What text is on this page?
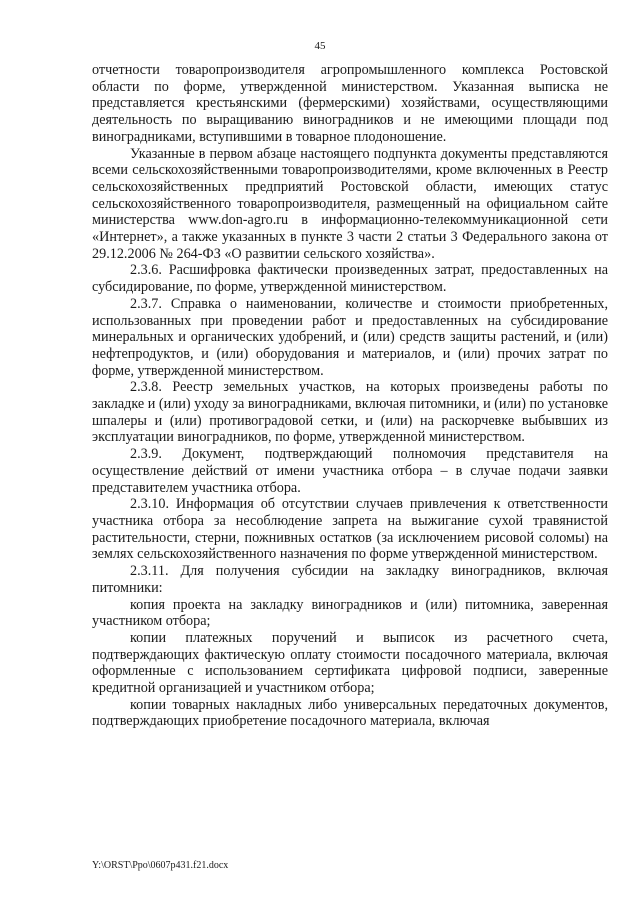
45

отчетности товаропроизводителя агропромышленного комплекса Ростовской области по форме, утвержденной министерством. Указанная выписка не представляется крестьянскими (фермерскими) хозяйствами, осуществляющими деятельность по выращиванию виноградников и не имеющими площади под виноградниками, вступившими в товарное плодоношение.

Указанные в первом абзаце настоящего подпункта документы представляются всеми сельскохозяйственными товаропроизводителями, кроме включенных в Реестр сельскохозяйственных предприятий Ростовской области, имеющих статус сельскохозяйственного товаропроизводителя, размещенный на официальном сайте министерства www.don-agro.ru в информационно-телекоммуникационной сети «Интернет», а также указанных в пункте 3 части 2 статьи 3 Федерального закона от 29.12.2006 № 264-ФЗ «О развитии сельского хозяйства».

2.3.6. Расшифровка фактически произведенных затрат, предоставленных на субсидирование, по форме, утвержденной министерством.

2.3.7. Справка о наименовании, количестве и стоимости приобретенных, использованных при проведении работ и предоставленных на субсидирование минеральных и органических удобрений, и (или) средств защиты растений, и (или) нефтепродуктов, и (или) оборудования и материалов, и (или) прочих затрат по форме, утвержденной министерством.

2.3.8. Реестр земельных участков, на которых произведены работы по закладке и (или) уходу за виноградниками, включая питомники, и (или) по установке шпалеры и (или) противоградовой сетки, и (или) на раскорчевке выбывших из эксплуатации виноградников, по форме, утвержденной министерством.

2.3.9. Документ, подтверждающий полномочия представителя на осуществление действий от имени участника отбора – в случае подачи заявки представителем участника отбора.

2.3.10. Информация об отсутствии случаев привлечения к ответственности участника отбора за несоблюдение запрета на выжигание сухой травянистой растительности, стерни, пожнивных остатков (за исключением рисовой соломы) на землях сельскохозяйственного назначения по форме утвержденной министерством.

2.3.11. Для получения субсидии на закладку виноградников, включая питомники:

копия проекта на закладку виноградников и (или) питомника, заверенная участником отбора;

копии платежных поручений и выписок из расчетного счета, подтверждающих фактическую оплату стоимости посадочного материала, включая оформленные с использованием сертификата цифровой подписи, заверенные кредитной организацией и участником отбора;

копии товарных накладных либо универсальных передаточных документов, подтверждающих приобретение посадочного материала, включая

Y:\ORST\Ppo\0607p431.f21.docx
